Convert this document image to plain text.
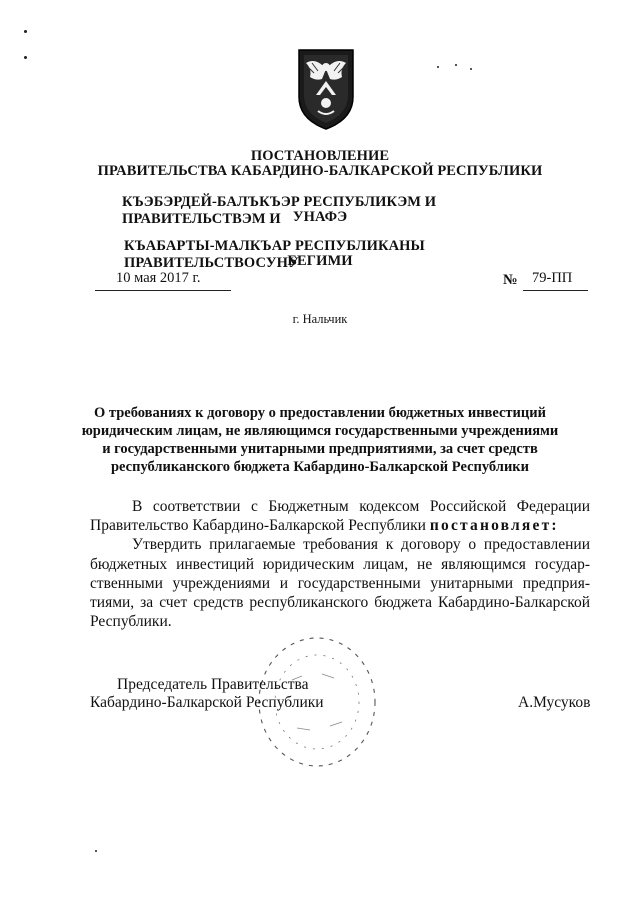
ПОСТАНОВЛЕНИЕ
ПРАВИТЕЛЬСТВА КАБАРДИНО-БАЛКАРСКОЙ РЕСПУБЛИКИ
КЪЭБЭРДЕЙ-БАЛЪКЪЭР РЕСПУБЛИКЭМ И ПРАВИТЕЛЬСТВЭМ И УНАФЭ
КЪАБАРТЫ-МАЛКЪАР РЕСПУБЛИКАНЫ ПРАВИТЕЛЬСТВОСУНУ
БЕГИМИ
10 мая 2017 г.	№ 79-ПП
г. Нальчик
О требованиях к договору о предоставлении бюджетных инвестиций
юридическим лицам, не являющимся государственными учреждениями
и государственными унитарными предприятиями, за счет средств
республиканского бюджета Кабардино-Балкарской Республики
В соответствии с Бюджетным кодексом Российской Федерации
Правительство Кабардино-Балкарской Республики постановляет:
Утвердить прилагаемые требования к договору о предоставлении
бюджетных инвестиций юридическим лицам, не являющимся государ-
ственными учреждениями и государственными унитарными предприя-
тиями, за счет средств республиканского бюджета Кабардино-Балкарской
Республики.
Председатель Правительства
Кабардино-Балкарской Республики	А.Мусуков
